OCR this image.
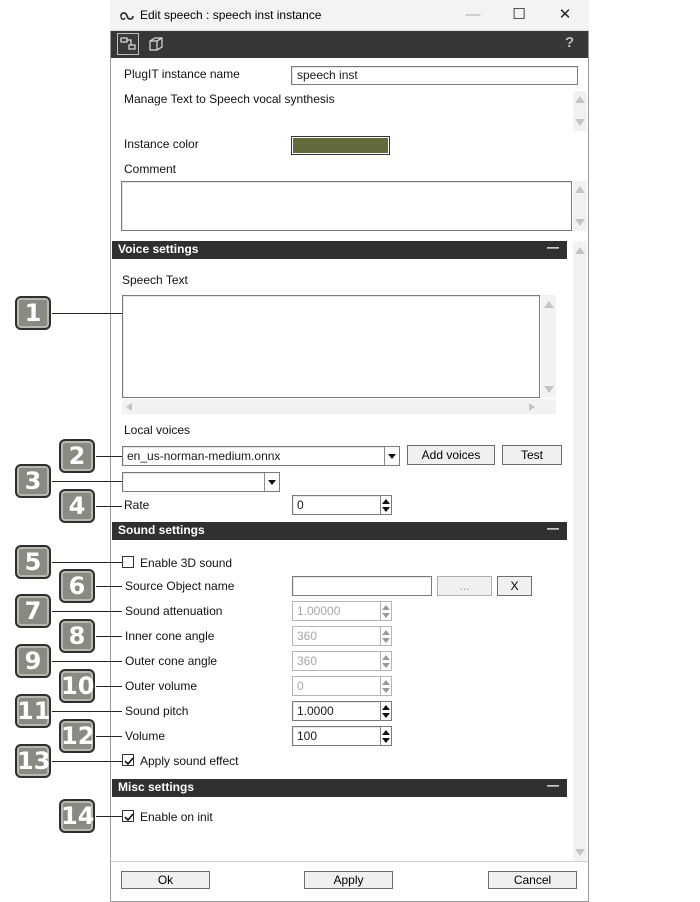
Edit speech : speech inst instance	—	☐	✕
?
PlugIT instance name	speech inst
Manage Text to Speech vocal synthesis
Instance color
Comment
Voice settings	—
Speech Text
Local voices
en_us-norman-medium.onnx	Add voices	Test
Rate	0
Sound settings	—
Enable 3D sound
Source Object name	...	X
Sound attenuation	1.00000
Inner cone angle	360
Outer cone angle	360
Outer volume	0
Sound pitch	1.0000
Volume	100
Apply sound effect
Misc settings	—
Enable on init
Ok	Apply	Cancel
1
2
3
4
5
6
7
8
9
10
11
12
13
14
